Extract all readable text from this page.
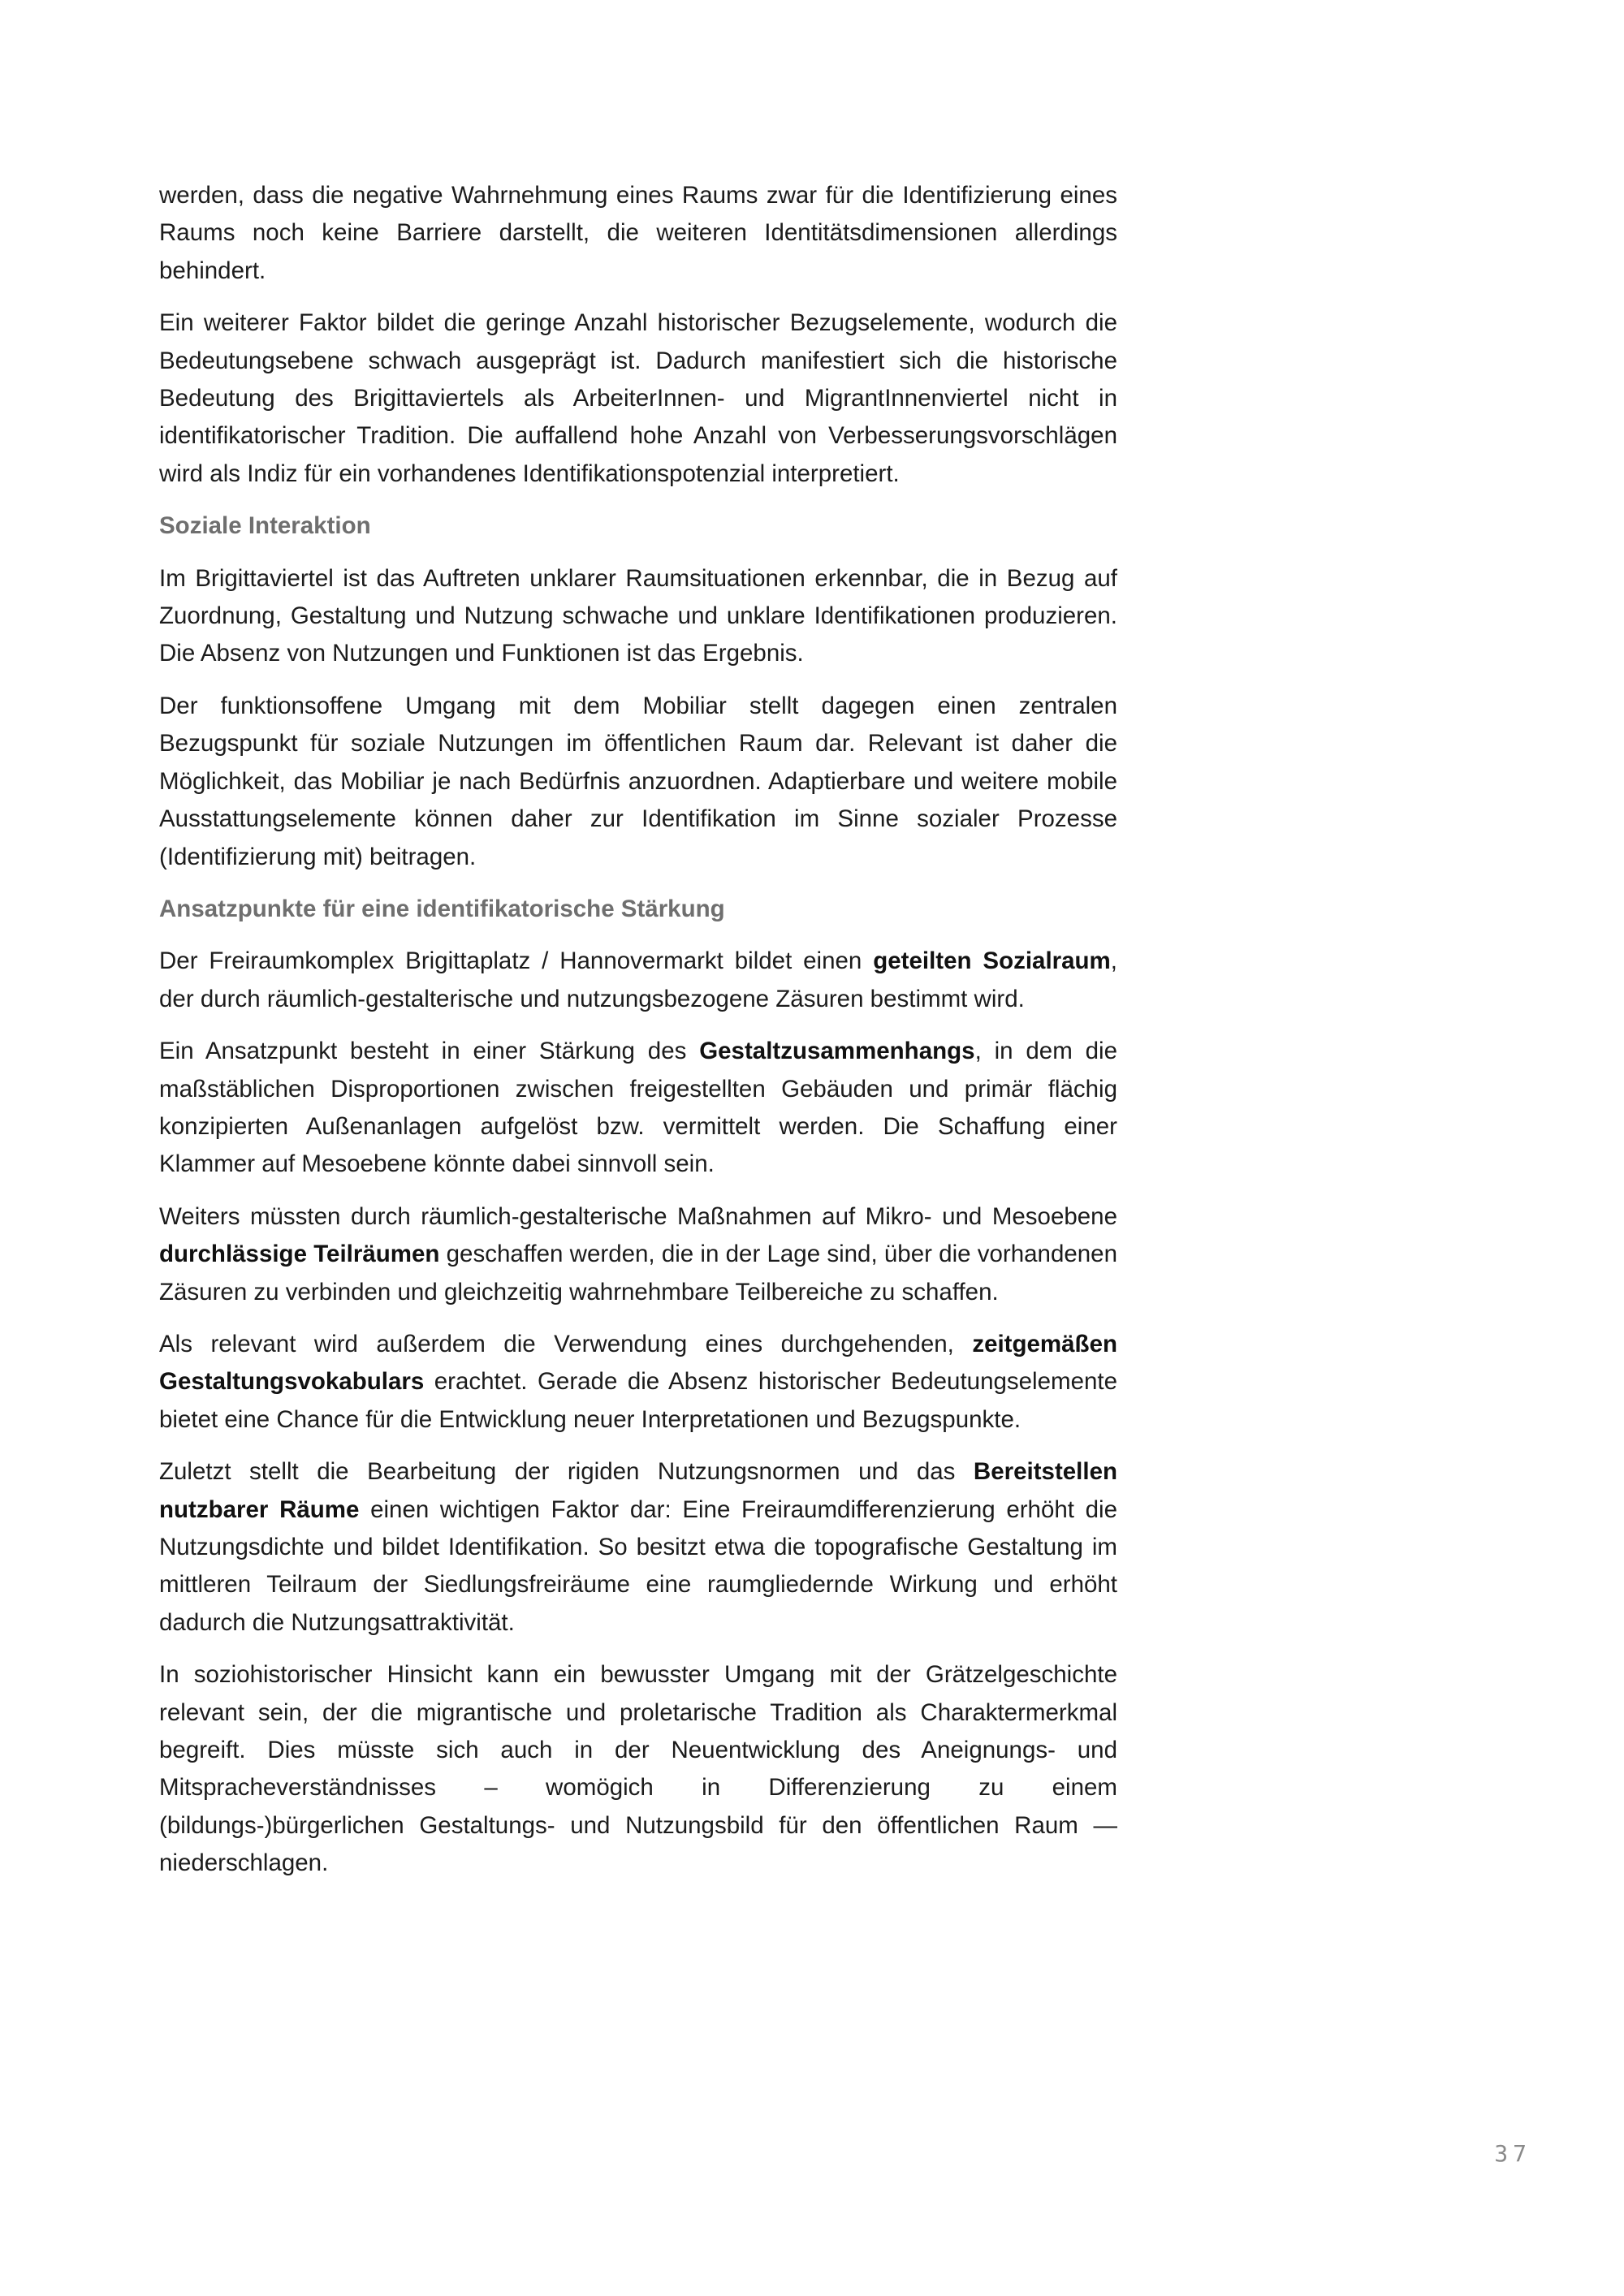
werden, dass die negative Wahrnehmung eines Raums zwar für die Identifizierung eines Raums noch keine Barriere darstellt, die weiteren Identitätsdimensionen allerdings behindert.

Ein weiterer Faktor bildet die geringe Anzahl historischer Bezugselemente, wodurch die Bedeutungsebene schwach ausgeprägt ist. Dadurch manifestiert sich die historische Bedeutung des Brigittaviertels als ArbeiterInnen- und MigrantInnenviertel nicht in identifikatorischer Tradition. Die auffallend hohe Anzahl von Verbesserungsvorschlägen wird als Indiz für ein vorhandenes Identifikationspotenzial interpretiert.

Soziale Interaktion

Im Brigittaviertel ist das Auftreten unklarer Raumsituationen erkennbar, die in Bezug auf Zuordnung, Gestaltung und Nutzung schwache und unklare Identifikationen produzieren. Die Absenz von Nutzungen und Funktionen ist das Ergebnis.

Der funktionsoffene Umgang mit dem Mobiliar stellt dagegen einen zentralen Bezugspunkt für soziale Nutzungen im öffentlichen Raum dar. Relevant ist daher die Möglichkeit, das Mobiliar je nach Bedürfnis anzuordnen. Adaptierbare und weitere mobile Ausstattungselemente können daher zur Identifikation im Sinne sozialer Prozesse (Identifizierung mit) beitragen.

Ansatzpunkte für eine identifikatorische Stärkung

Der Freiraumkomplex Brigittaplatz / Hannovermarkt bildet einen geteilten Sozialraum, der durch räumlich-gestalterische und nutzungsbezogene Zäsuren bestimmt wird.

Ein Ansatzpunkt besteht in einer Stärkung des Gestaltzusammenhangs, in dem die maßstäblichen Disproportionen zwischen freigestellten Gebäuden und primär flächig konzipierten Außenanlagen aufgelöst bzw. vermittelt werden. Die Schaffung einer Klammer auf Mesoebene könnte dabei sinnvoll sein.

Weiters müssten durch räumlich-gestalterische Maßnahmen auf Mikro- und Mesoebene durchlässige Teilräumen geschaffen werden, die in der Lage sind, über die vorhandenen Zäsuren zu verbinden und gleichzeitig wahrnehmbare Teilbereiche zu schaffen.

Als relevant wird außerdem die Verwendung eines durchgehenden, zeitgemäßen Gestaltungsvokabulars erachtet. Gerade die Absenz historischer Bedeutungselemente bietet eine Chance für die Entwicklung neuer Interpretationen und Bezugspunkte.

Zuletzt stellt die Bearbeitung der rigiden Nutzungsnormen und das Bereitstellen nutzbarer Räume einen wichtigen Faktor dar: Eine Freiraumdifferenzierung erhöht die Nutzungsdichte und bildet Identifikation. So besitzt etwa die topografische Gestaltung im mittleren Teilraum der Siedlungsfreiräume eine raumgliedernde Wirkung und erhöht dadurch die Nutzungsattraktivität.

In soziohistorischer Hinsicht kann ein bewusster Umgang mit der Grätzelgeschichte relevant sein, der die migrantische und proletarische Tradition als Charaktermerkmal begreift. Dies müsste sich auch in der Neuentwicklung des Aneignungs- und Mitspracheverständnisses – womögich in Differenzierung zu einem (bildungs-)bürgerlichen Gestaltungs- und Nutzungsbild für den öffentlichen Raum — niederschlagen.

37
